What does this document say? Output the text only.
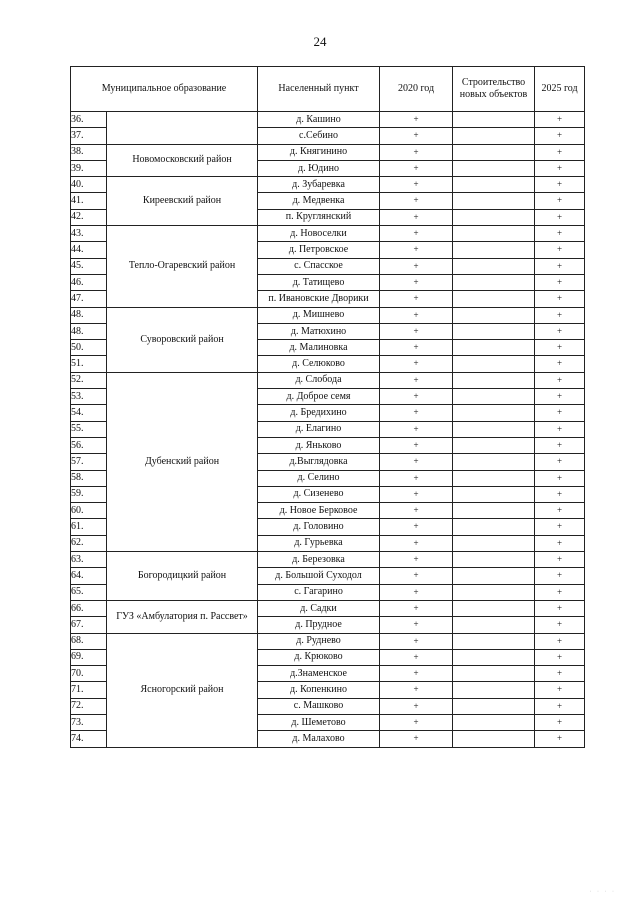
24
Муниципальное образование		Населенный пункт	2020 год	Строительство новых объектов	2025 год
36.		д. Кашино	+		+
37.		с.Себино	+		+
38.	Новомосковский район	д. Княгинино	+		+
39.		д. Юдино	+		+
40.	Киреевский район	д. Зубаревка	+		+
41.		д. Медвенка	+		+
42.		п. Круглянский	+		+
43.	Тепло-Огаревский район	д. Новоселки	+		+
44.		д. Петровское	+		+
45.		с. Спасское	+		+
46.		д. Татищево	+		+
47.		п. Ивановские Дворики	+		+
48.	Суворовский район	д. Мишнево	+		+
48.		д. Матюхино	+		+
50.		д. Малиновка	+		+
51.		д. Селюково	+		+
52.	Дубенский район	д. Слобода	+		+
53.		д. Доброе семя	+		+
54.		д. Бредихино	+		+
55.		д. Елагино	+		+
56.		д. Яньково	+		+
57.		д.Выглядовка	+		+
58.		д. Селино	+		+
59.		д. Сизенево	+		+
60.		д. Новое Берковое	+		+
61.		д. Головино	+		+
62.		д. Гурьевка	+		+
63.	Богородицкий район	д. Березовка	+		+
64.		д. Большой Суходол	+		+
65.		с. Гагарино	+		+
66.	ГУЗ «Амбулатория п. Рассвет»	д. Садки	+		+
67.		д. Прудное	+		+
68.	Ясногорский район	д. Руднево	+		+
69.		д. Крюково	+		+
70.		д.Знаменское	+		+
71.		д. Копенкино	+		+
72.		с. Машково	+		+
73.		д. Шеметово	+		+
74.		д. Малахово	+		+
· · · ·
